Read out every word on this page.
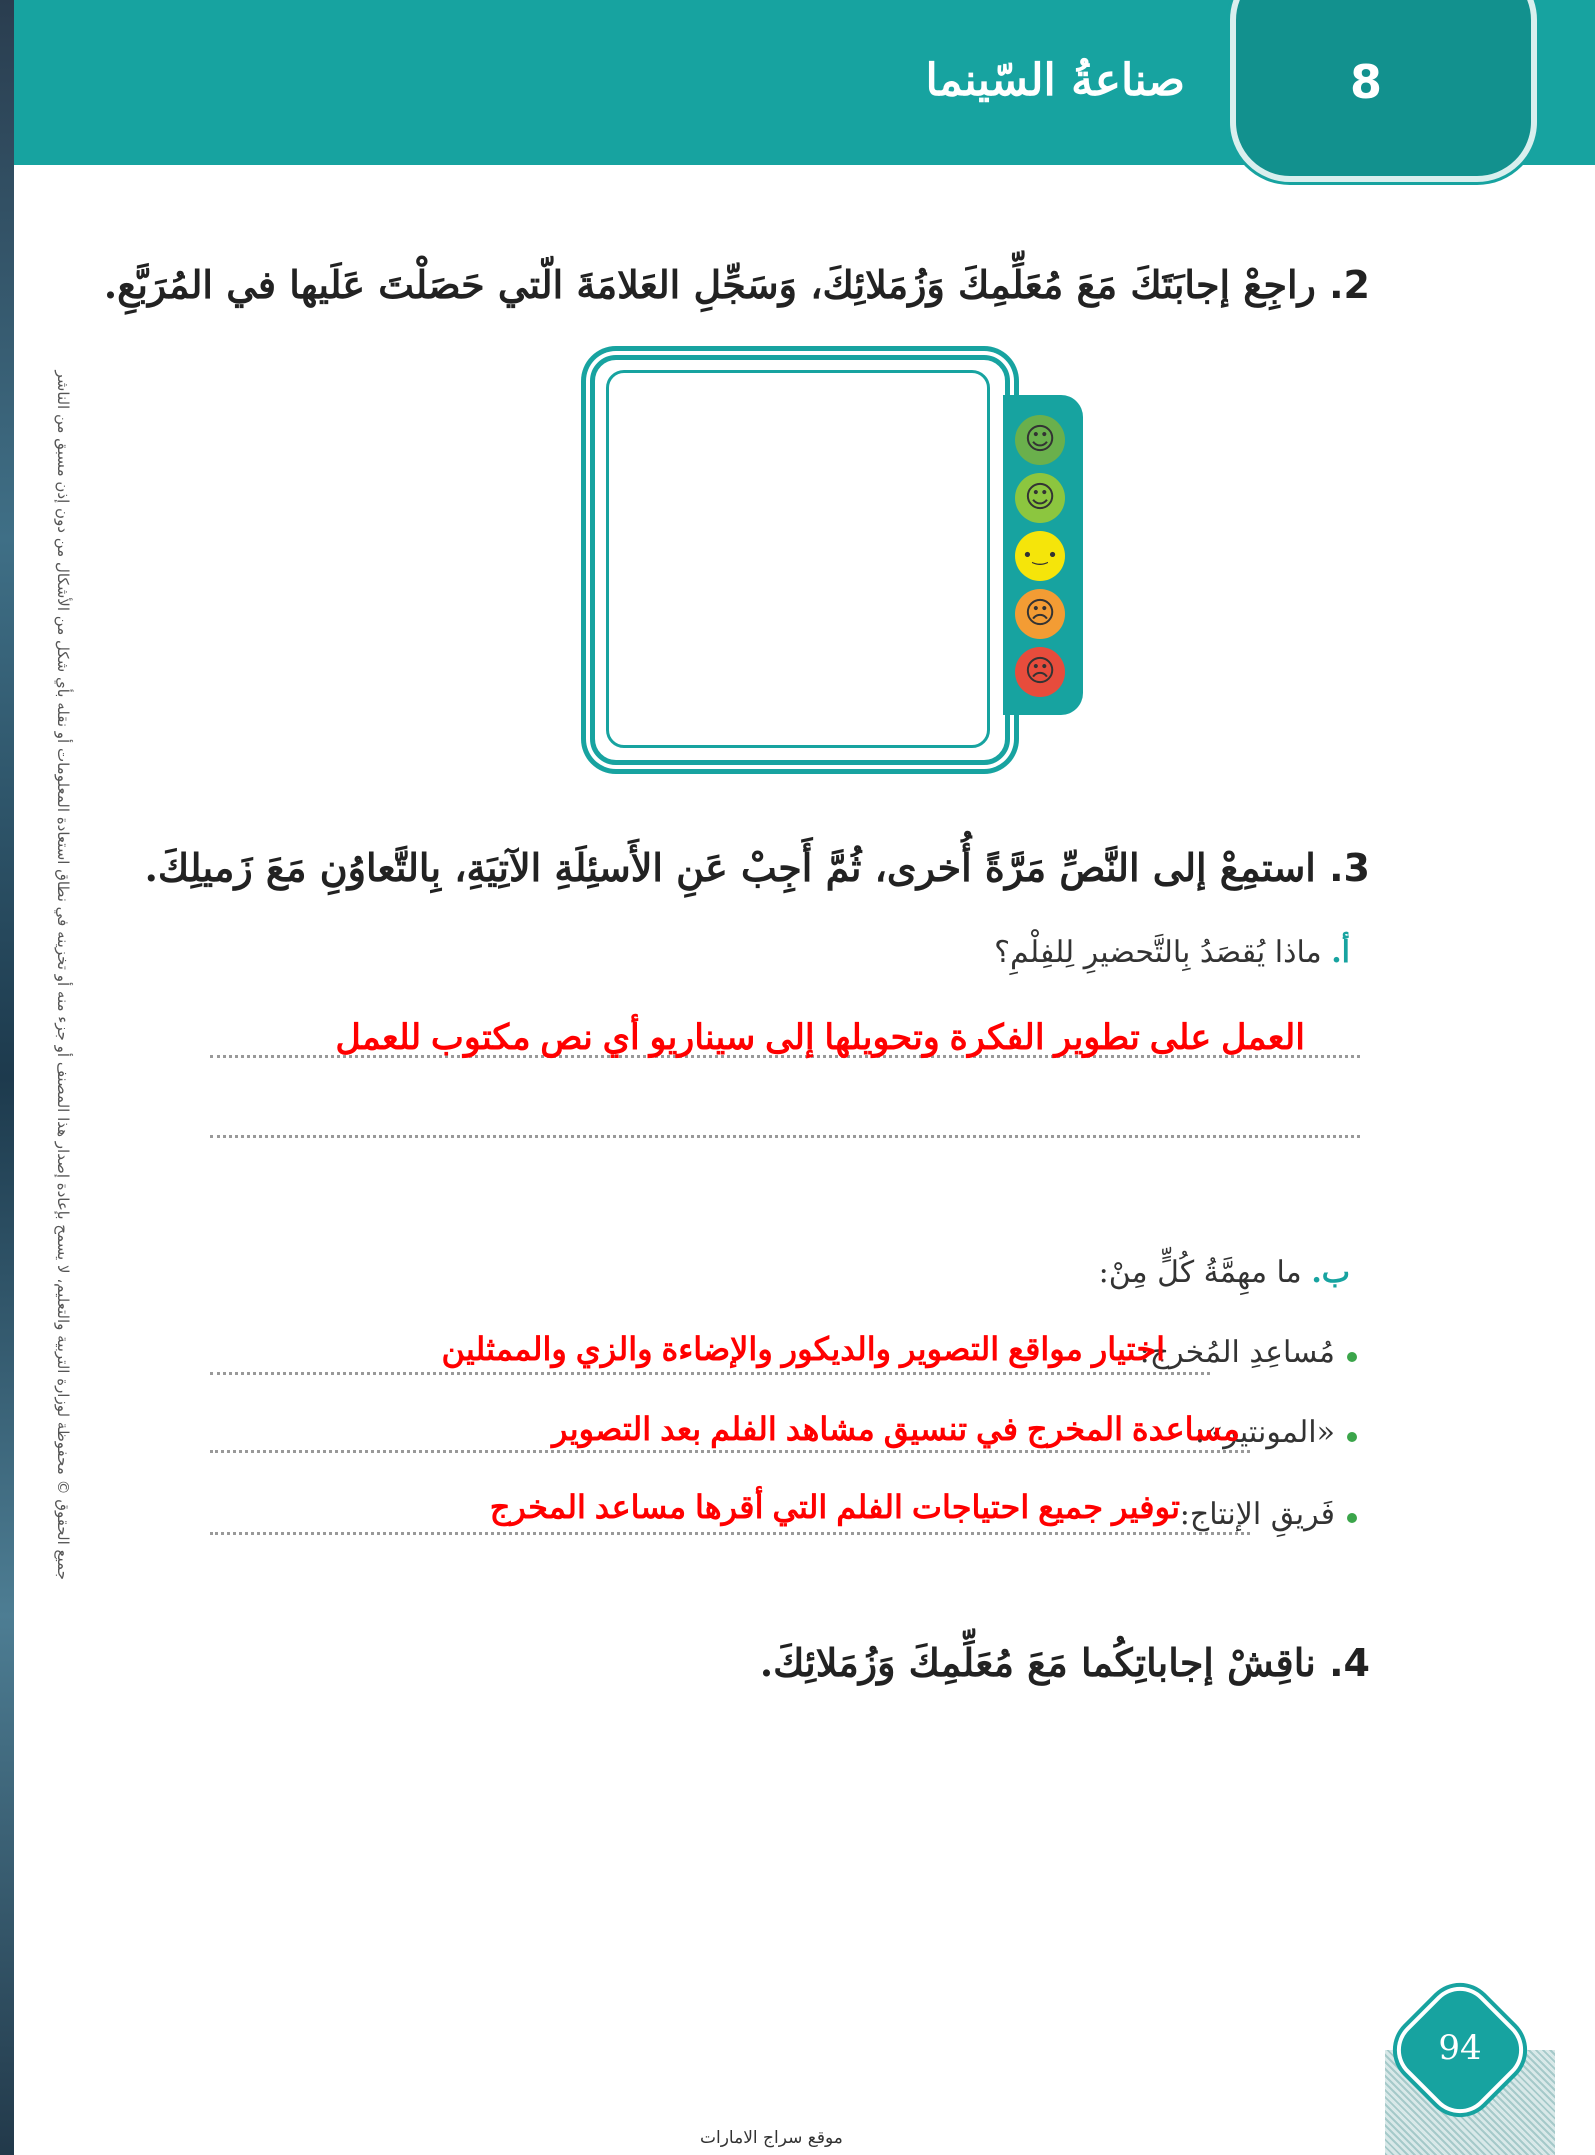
8
صناعةُ السّينما
جميع الحقوق © محفوظة لوزارة التربية والتعليم، لا يسمح بإعادة إصدار هذا المصنف أو جزء منه أو تخزينه في نطاق استعادة المعلومات أو نقله بأي شكل من الأشكال من دون إذن مسبق من الناشر
2. راجِعْ إجابَتَكَ مَعَ مُعَلِّمِكَ وَزُمَلائِكَ، وَسَجِّلِ العَلامَةَ الّتي حَصَلْتَ عَلَيها في المُرَبَّعِ.
☺
☺
•‿•
☹
☹
3. استمِعْ إلى النَّصِّ مَرَّةً أُخرى، ثُمَّ أَجِبْ عَنِ الأَسئِلَةِ الآتِيَةِ، بِالتَّعاوُنِ مَعَ زَميلِكَ.
أ. ماذا يُقصَدُ بِالتَّحضيرِ لِلفِلْمِ؟
العمل على تطوير الفكرة وتحويلها إلى سيناريو أي نص مكتوب للعمل
ب. ما مهِمَّةُ كُلٍّ مِنْ:
مُساعِدِ المُخرج:
اختيار مواقع التصوير والديكور والإضاءة والزي والممثلين
«المونتير»:
مساعدة المخرج في تنسيق مشاهد الفلم بعد التصوير
فَريقِ الإنتاج:
توفير جميع احتياجات الفلم التي أقرها مساعد المخرج
4. ناقِشْ إجاباتِكُما مَعَ مُعَلِّمِكَ وَزُمَلائِكَ.
94
موقع سراج الامارات
